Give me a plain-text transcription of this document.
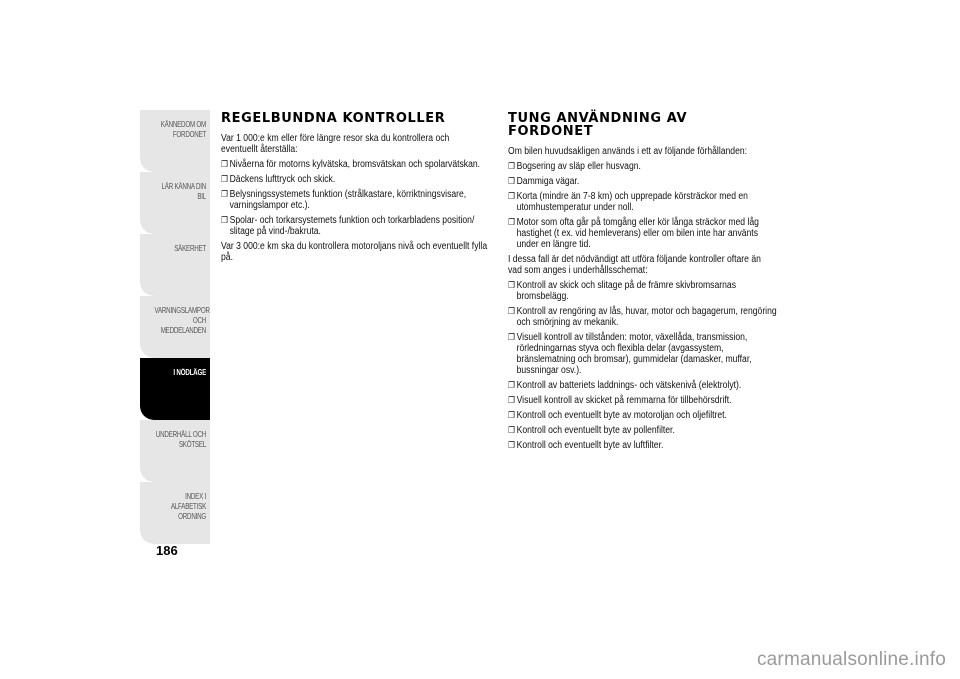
KÄNNEDOM OM
FORDONET
LÄR KÄNNA DIN BIL
SÄKERHET
VARNINGSLAMPOR
OCH MEDDELANDEN
I NÖDLÄGE
UNDERHÅLL OCH
SKÖTSEL
INDEX I ALFABETISK
ORDNING
186
REGELBUNDNA KONTROLLER

Var 1 000:e km eller före längre resor ska du kontrollera och eventuellt återställa:

❐ Nivåerna för motorns kylvätska, bromsvätskan och spolarvätskan.
❐ Däckens lufttryck och skick.
❐ Belysningssystemets funktion (strålkastare, körriktningsvisare, varningslampor etc.).
❐ Spolar- och torkarsystemets funktion och torkarbladens position/ slitage på vind-/bakruta.

Var 3 000:e km ska du kontrollera motoroljans nivå och eventuellt fylla på.

TUNG ANVÄNDNING AV FORDONET

Om bilen huvudsakligen används i ett av följande förhållanden:

❐ Bogsering av släp eller husvagn.
❐ Dammiga vägar.
❐ Korta (mindre än 7-8 km) och upprepade körsträckor med en utomhustemperatur under noll.
❐ Motor som ofta går på tomgång eller kör långa sträckor med låg hastighet (t ex. vid hemleverans) eller om bilen inte har använts under en längre tid.

I dessa fall är det nödvändigt att utföra följande kontroller oftare än vad som anges i underhållsschemat:

❐ Kontroll av skick och slitage på de främre skivbromsarnas bromsbelägg.
❐ Kontroll av rengöring av lås, huvar, motor och bagagerum, rengöring och smörjning av mekanik.
❐ Visuell kontroll av tillstånden: motor, växellåda, transmission, rörledningarnas styva och flexibla delar (avgassystem, bränslematning och bromsar), gummidelar (damasker, muffar, bussningar osv.).
❐ Kontroll av batteriets laddnings- och vätskenivå (elektrolyt).
❐ Visuell kontroll av skicket på remmarna för tillbehörsdrift.
❐ Kontroll och eventuellt byte av motoroljan och oljefiltret.
❐ Kontroll och eventuellt byte av pollenfilter.
❐ Kontroll och eventuellt byte av luftfilter.
carmanualsonline.info
